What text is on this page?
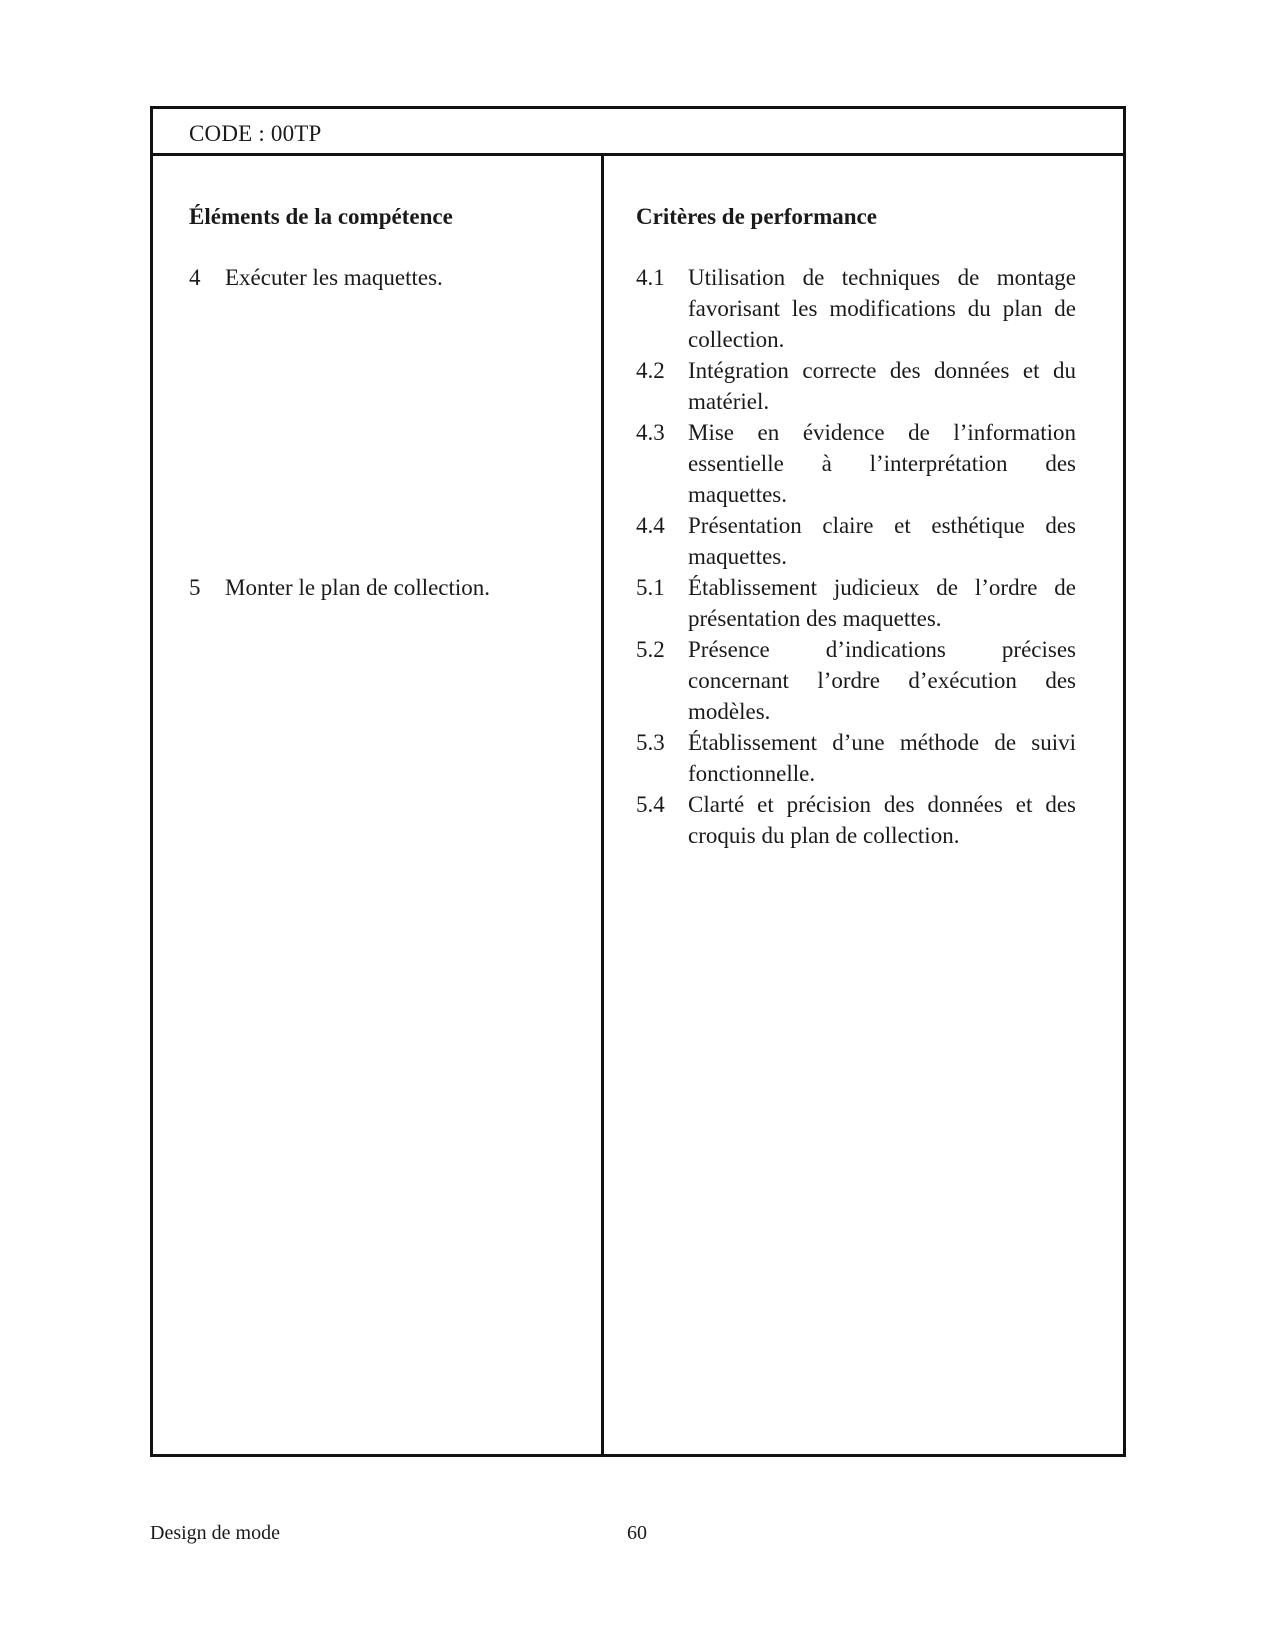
CODE : 00TP
Éléments de la compétence	Critères de performance
4 Exécuter les maquettes.	4.1	Utilisation de techniques de montage favorisant les modifications du plan de collection.
4.2	Intégration correcte des données et du matériel.
4.3	Mise en évidence de l’information essentielle à l’interprétation des maquettes.
4.4	Présentation claire et esthétique des maquettes.
5 Monter le plan de collection.	5.1	Établissement judicieux de l’ordre de présentation des maquettes.
5.2	Présence d’indications précises concernant l’ordre d’exécution des modèles.
5.3	Établissement d’une méthode de suivi fonctionnelle.
5.4	Clarté et précision des données et des croquis du plan de collection.
Design de mode	60
